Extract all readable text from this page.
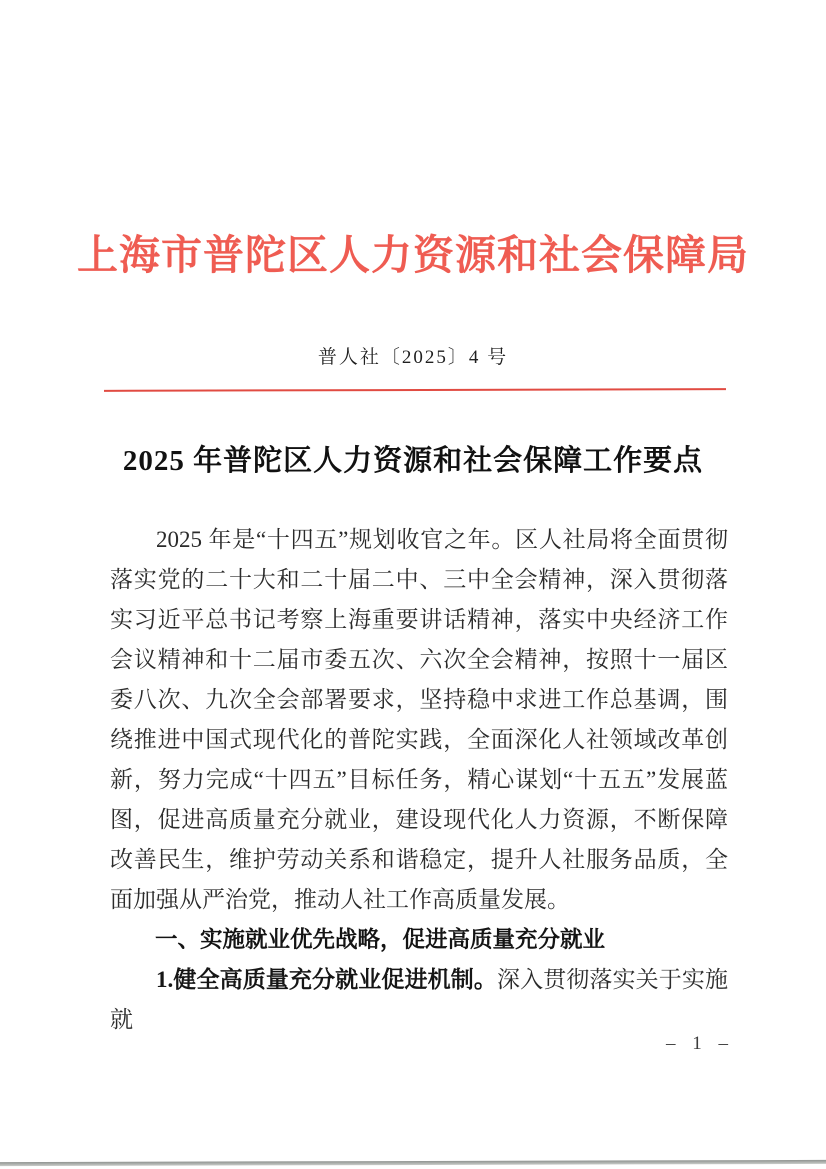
上海市普陀区人力资源和社会保障局
普人社〔2025〕4 号
2025 年普陀区人力资源和社会保障工作要点

2025 年是“十四五”规划收官之年。区人社局将全面贯彻落实党的二十大和二十届二中、三中全会精神，深入贯彻落实习近平总书记考察上海重要讲话精神，落实中央经济工作会议精神和十二届市委五次、六次全会精神，按照十一届区委八次、九次全会部署要求，坚持稳中求进工作总基调，围绕推进中国式现代化的普陀实践，全面深化人社领域改革创新，努力完成“十四五”目标任务，精心谋划“十五五”发展蓝图，促进高质量充分就业，建设现代化人力资源，不断保障改善民生，维护劳动关系和谐稳定，提升人社服务品质，全面加强从严治党，推动人社工作高质量发展。

一、实施就业优先战略，促进高质量充分就业

1.健全高质量充分就业促进机制。深入贯彻落实关于实施就

– 1 –
